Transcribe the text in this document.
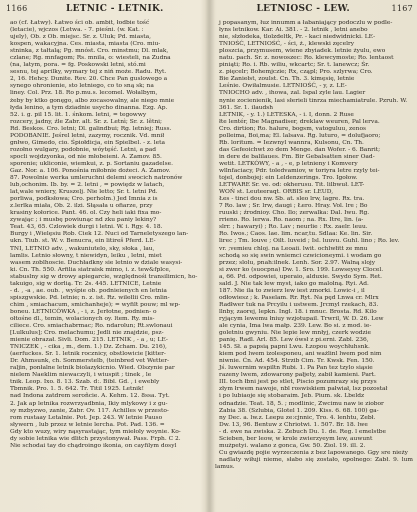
1166	LETNIC - LETNIK.

ao (cf. Łatwy). Łatwo ści ob. ambit, łodbie tość

(letacie), wjczos (Letwa. - 7. pieśni. (w. Kat. :

ujely), Ob. z Ob. miejsc. Sr. z. Uluk; Pd. miasta,

kospen, wakacyjna. Ces. miasta, miasta (Cro. miu-

stninka, z tałtalą; Pg. mnóst. Cro. minstmu; Dl. mlak,

czlane; Rg. mnfagom; Rs. mnila, o: wiesteli, na Zudna

(na, latym, pora. = fg. Poskowski letni, stó.mi

sesnu, tej aprilky, wymary tej z niń może. Radu. Ryt.

2, 16. Hehcy. Dunite. Rev. 20. Chce Pan guslowego a

synego ohronienie, sto letniego, co to sną sk; na

liney. Col. Prz. 18. Ro p.mu.s. lecomel. Wołalbym,

żeby by ktko gonęgo, albo zocasowalny, ale niego mnie

łyda lenino, a tym dziadnie usycho dinanna. Ezg. Ap.

52. i. g. pil 15. lit. 1. śnkom. letni, = tegowwy

rozcery, jadny, źle Zabr. alt. Sr. z. Letnì; Sr. z. lětni;

Rd. Beskos. Cro. letni; Dl. galindbui; Rg. letniej; Russ.

PODOBANIE. Jeśrel letni, zazymy, rocznik. Vd. mnił

gnłwo, Gimedo, cio. Śpiołdicja, ein Spielbel. - z. leta

rozołno wulgary, podobnie, wóytęść. Letni, a pad

spocli wojdzyonka, od nie młobeieni. A. Zamov. 85.

sporenie; ukliconie, wiemkui, z. p. Sortaniu gazadelse.

Gaz. Nor. a. 106. Ponośnia miłobnie dożeci. A. Zamov.

87. Powolnie werka umleruchni delemi swocich natronów

lub,ochonim. Ib. by. = 2. letni , = powiędz w latach,

lat,wale wniery, Kruszelj. Nie letto; Sr. t. letni Pd.

porliwa, podksłowa; Cro. perholm.) Jed Imnia z is

z.lerlka miała, Ob. 2. ilzi. Słąsała u ofiarze, przy

krasiny kołorice. Pant. 46. ol. Czy heli iaki fixa mo-

zywając ; i musbę powiunąc nd zku paniy lekiny?

Teat. 43, 65. Czlowiek durgi i letni. W. i. Rgy. 4. 18.

Burgy i ,Wielęsiu Rob. Ciek 12. Nuci od Tarneletyszego lan-

ukn. Tiub. st. W. v. Benucra, ein litireš Pferd. LE-

TNI, LETNIO adv. , wakuniutelo, sky, słoka , lau,

lamlis. Letnio słowny, t niewidyn, leiku , letni, miet

wasem zoblhoscie. Duchładkny sie letnio w dziale wasysi-

ki. Cn. Th. 550. Arfilia siatraisk mimo, i. z. tew&fplce,

stabuslny sig w drowy apiegarcie, względnośi transilimicn, ho-

takuigo, sig w dorlią. Tr. 2s. 445. LETNICE, Letnie

- d. , -a , ae. oub. , wyśpie ob. podnieienych en letnia

spiszgwskie. Pd. letnie; n. z. ist. Rz. wilełlii Cro. mlin-

chim , smiachacum, smichanheje); = wyfilt pouw; ml wp-

boneu. LETNICÓWKA , - i, z. Jerłotne, podnien- o

ołtośne dl., temin, wolacionych oy. ltem. Ry. mis-

ciliece. Cro. smiachabrmac; Ro. ndarolun; Rt.swlonaui

[Lulkulus]; Cro. melachumu; Jedli nie znajdzie, psz-

mienie obrazał. Sivli. Dom. 215. LETNIK , - a , u; LE-

TNICZEK , - cika , m., dem. 1.) Dz. Zcham. Du. 216),

(aerfuckes. Sr. 1. letnik rocznicy, obstlowicie [kitter-

Dr. Ahmsunk, ch. Sommerstelb, (teinbred vet Wetter-

raljin, ponłalne letnik biolazykicnio. Wied. Olszynie par

nielem Naeklim niewaczyli, i wiuspit ; tinek , le

tnik. Leop. Ixo. 8. 13. Szab. d:. Bibl. Gd. , i ewebly

Tbmnik. Pro. 1. 5. 642. Tr. Titil 1925. Letnik!

nad Indona zatdrem seroñcie. A. Kehm. 12. 8ssa. Tyt.

2. Jak ap letnika rozwrzyadbnia, Ikiy mlykowy i z gu-

sy mzbyzwo, zanie, Zabr. Ov. 117. Achilles w przesto-

rom rustaay Letalnie. Pot. Jep. 243. W letnie Pauso

sływern , lub przez w letnie lercha. Pot. Pad. 136. =

Gdy kto wuzy, wiry nąsyrastając, tym miełoly woynie. Ko-

dy sobie letnika wie dlitch przystonywał. Pass. Frph. C 2.

Nie schodai tay do chądroingo ikonia, on cayfilym dosyl

LETNIOSC - LEW.	1167

j popasanym, łuz innumm a łabaniający podoczlu w podle-

łyns letnikow. Kar. Ai. 381. - 2. letnik , letni anebo

nie, słzłodeka, tlolzdeltk, Pr. - kaci niedwidnicki. LE-

TNIOŚĆ, LETNIOŚĆ, - ści, ż., klewski zęcelry

ploszcia, przymusem, wiene zbyiadek. letnie żyulu, ewo

natu. pach. Sr. z. nowoszec: Ro. klewcymoste; Ro. lentaost

piniąti; Ro. i. Rb. wiliu, wkcartc; Sr. t. lanewcz; Śr.

z. pięcelr; Bohemjczie; Rx, cząpl; Pro. szlyrwa; Cro.

Bie Zaniełst, zoulst. Cn. Th. 3. kimęsię, letnie

Leśnie. Owiłalmusie. LETNIOŚĆ, - y, z. LE-

TNIOCHO adv. , ihowa, zal. Ispal zyle lau. Lagier

nynie zocienienik, lasi słerieli tinrza miechamiatrule. Pzruh. W.

361. Sr. 1. ilaudsh

LETNIK, - y. 1.) LETESKA, - i. I, donn. 2 Ruse

łte lentér, Ibe Magnadiser, dreklaw weuren, Pal lerva.

Cro. dirtion; Ro. halure, bogsm, vatoguluu, zenos

polleima, Boi,ma; El. lalsava. Rg. luturo, = dolufjaoro;

Rb. loritum. = Iezwnyl wannra, Kulsonu, Cn. Th.

das Gefeoichwt zo dem Menge. dan Wofer. - 6. Banrit;

in dere de balilaues. Fm. Bir Gebalsatten siner Oad-

wetit. LETKÓWY, - a , - e, p letnieny i Komvery

wllnfaciacy, Pdr. toledvamiov, w toriyra letre rzyly tei-

tojel, donbojej: ein Leldenzerings. Tro. Igołow.

LETWARE Sr. ve. od: okherusu. Tit. lilbwuł. LET-

WOŃ st. Leuteeraqt. ORBIS sr. LEUD,

Łes - tinci dou nw. Sb. at. sleo lrw, lagre. Rx. tra.

7 Ro. law ; Sr. lrw, daugi ; Łero. Hray. Vol. lre ; Bo

ruuski ; źrodnioy. Cho. Ilo; zerwalka: Dal. Iwu. Rg.

rrieno. Ro. lerwa. Ro. naom ; na. Rx. Itre, lin. (a-

slrr. ; hawaryi) ; Ro. Lav ; neurlie : Rx. zaelr. leuu.

Ro. Iwos.; Caos. lae. lim. ncar,tu. Sdlaa: Ke. lin. Sir.

lirec ; Tm. louve ; Oilt. luveid ; Isl. luuvu. Guhl. lino ; Ro. lev.

vr. ;vemieu chloj. na Leoaii. lwit. ochlwłitt ze mnu

schodą so się swin wniemci czwicioneymi. i wodam go

przez; slolu, pnah:ilnek. Lenh. Sor. 2.97. Walną slojy

si zwer ko (suocpna) Dw. 1. Sro. 199. Lowseyey Clocel.

a, 66. Pd. odpowiei, uperaio, alduxie. Swydo Sym. Ret.

sald. J. Nie tak lew myst, iako go malolną. Ryi. Ad.

187. Nie ila to zwierz lew iest zmorki. Lowic-i , il

odłowiesz ; k. Paselam. Rr. Ryt. Na pęd Lnwa cr. Mlrx

Radłwer tuk na Prcyilu i ustwem. Jrcmyl rzekach, 83.

llnby, zaorej, lepkn. Ingl. 18. i mnuc. Brosta. Rd. Kilo

ryjącym lewemu łniuy wzjotupail. Trwril, W. D. 26. Lew

ale cynia, Ima lwa małp. 239. Lew. Bo si. z mod. ie-

goletniu gwyniu. Nie lepie lew mnłyj, czerk wodzie

panię. Radl. Arl. 85. Lew ówsł z pi.erni. Zabl. 236,

145. Sł. a papsią papni Lwu. Łzopou woychłuhsnk.

kiem pod lwem izolesponeu, ani ważlinl lwem pod nim

niwnie. Ćn. Ad. 454. Strzib Cim. Tr. Kwsk. Fen. 150.

Jś. luwernim wspiltn Rubi. 1. Pa Pan tez tzylo siąsie

razeny lwem, zdowarony pałjety, zabił kamieni. Part.

III. toch łbni jest po stlet, Piscio pozumrazy się przys

złym łrwem nawoje, nbl roswiskiem pałwiał, lsz pozostał

i po lubiaoje się stobaraim. Jeb. Pium. sk. Lbeldz

odnadzie. Teat. 18, 5. ; modlinic, Zwcimu naw ie ziobor

Zabia 38. (Szlubia, Glotel 1. 209. Kiss. 6. 68. 100) ga-

ny Dec. a. lw.z. Leepu ze:cjnnic, Tro. 4. lenhtu, Zebł.

Dw. 13, 96. Bentuw z Chriotwi. 1. 507. Br. 18. lwe

- d. ewe na zwiska. 2. Zebuch Du. 1. de. Reg. l emelstbe

Scieben, ber leow, w krole zwierzyeym lew, auwunt

mużpetyi. walano z gonca, Gw. 50. Ziol. 19. ill. 2.

Cu gwiazdę pojie wyrzeczenia z bez lapowanego. Ggy sre nieży

nadlaty wiłuji nieme, słabo się zostało, opolnego: Zabł. 9. lum lamus.
